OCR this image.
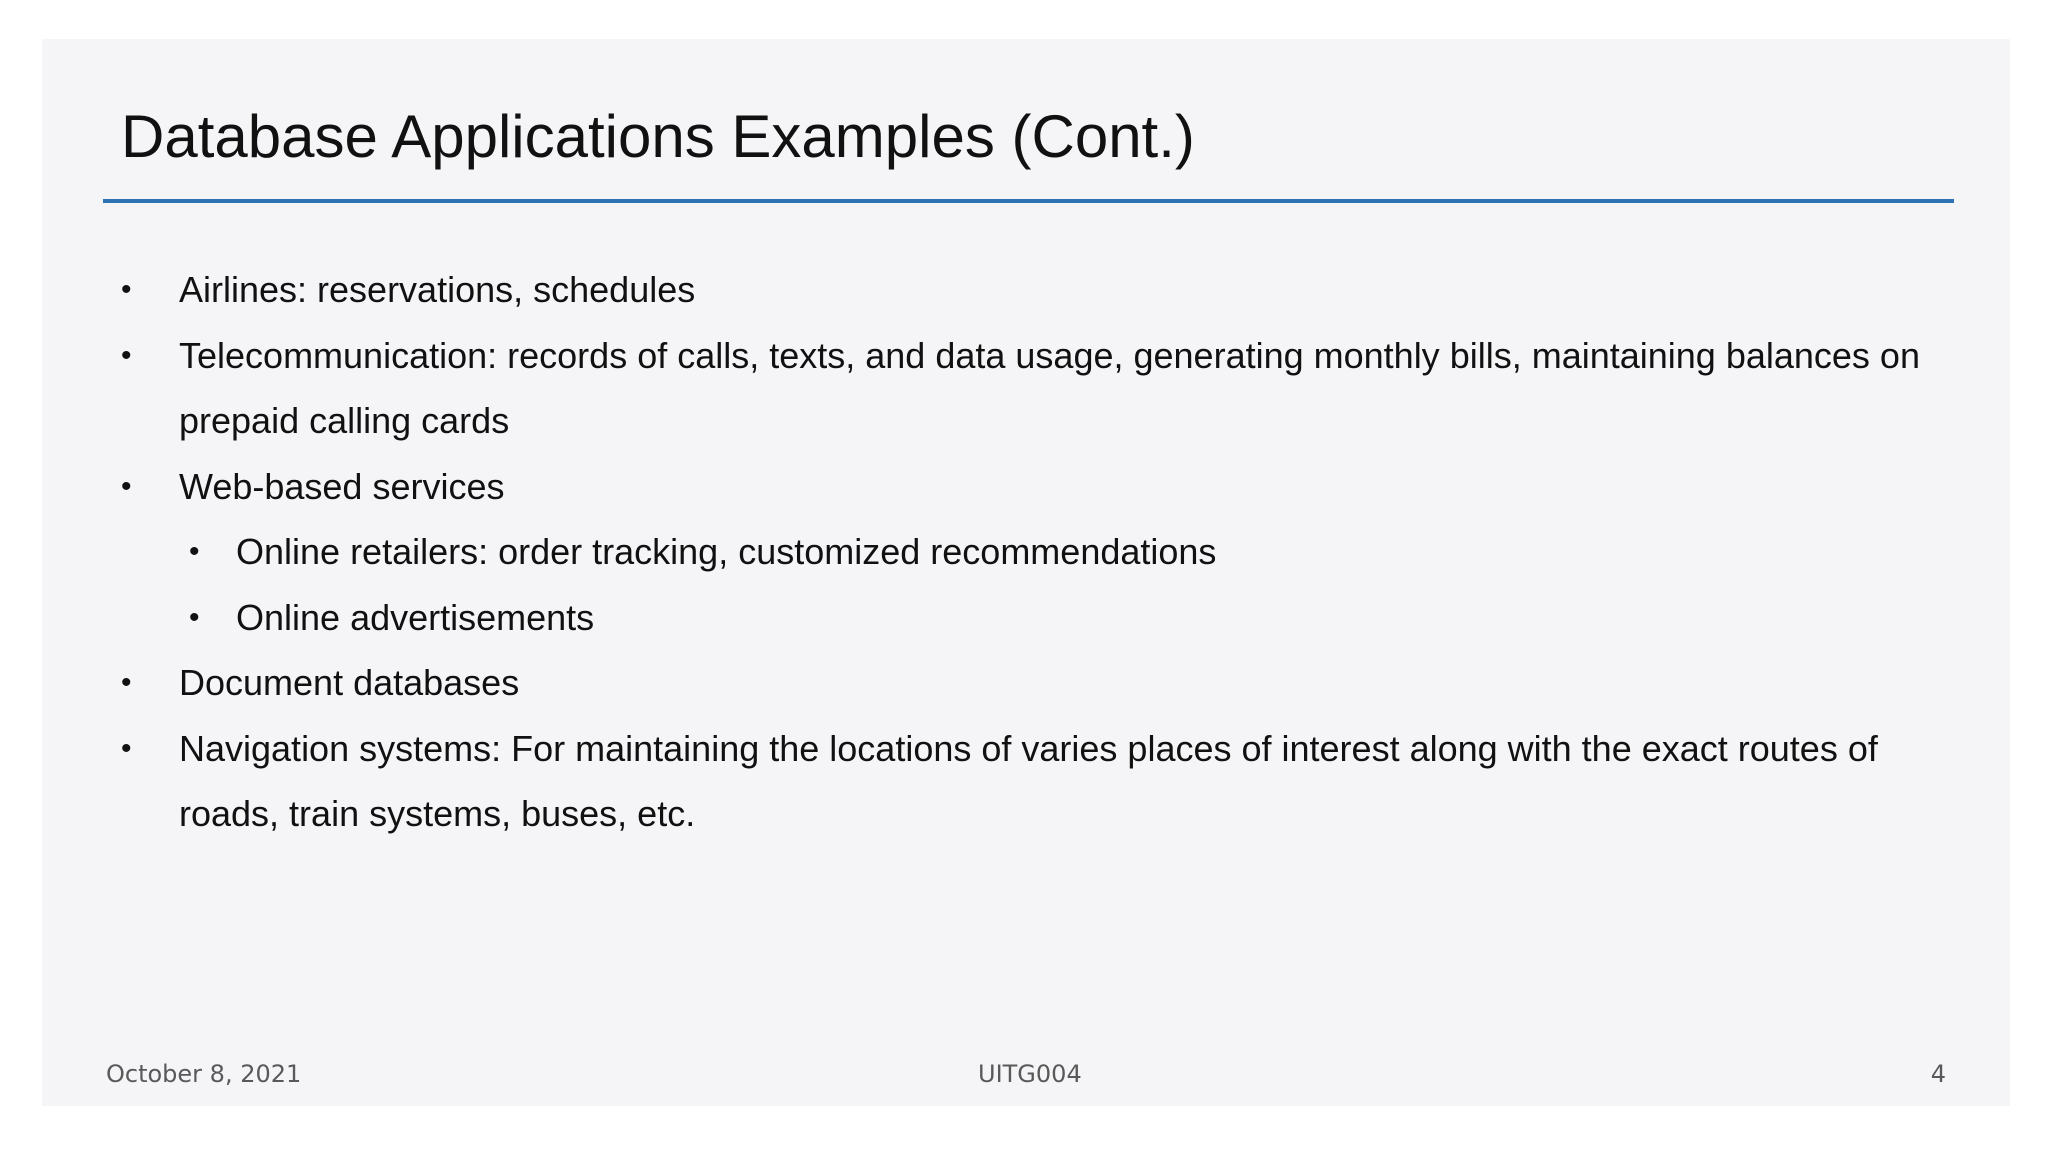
Database Applications Examples (Cont.)
• Airlines: reservations, schedules
• Telecommunication: records of calls, texts, and data usage, generating monthly bills, maintaining balances on
prepaid calling cards
• Web-based services
• Online retailers: order tracking, customized recommendations
• Online advertisements
• Document databases
• Navigation systems: For maintaining the locations of varies places of interest along with the exact routes of
roads, train systems, buses, etc.
October 8, 2021	UITG004	4
